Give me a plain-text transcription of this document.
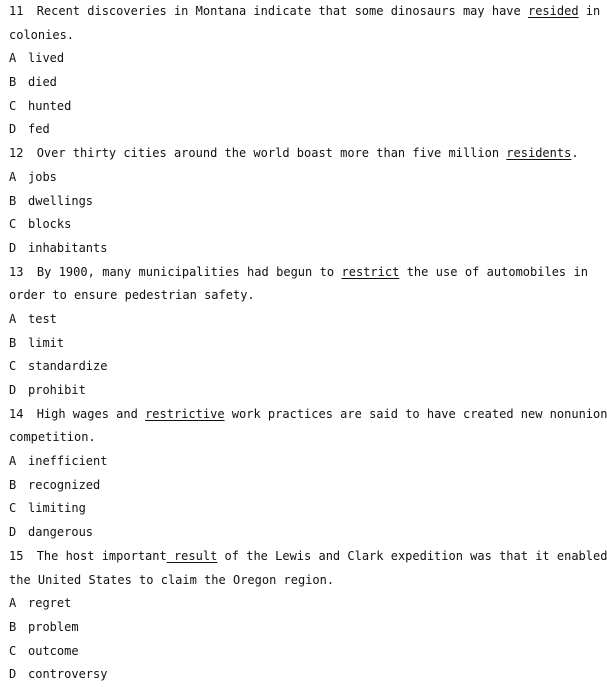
11 Recent discoveries in Montana indicate that some dinosaurs may have resided in
colonies.
A lived
B died
C hunted
D fed
12 Over thirty cities around the world boast more than five million residents.
A jobs
B dwellings
C blocks
D inhabitants
13 By 1900, many municipalities had begun to restrict the use of automobiles in
order to ensure pedestrian safety.
A test
B limit
C standardize
D prohibit
14 High wages and restrictive work practices are said to have created new nonunion
competition.
A inefficient
B recognized
C limiting
D dangerous
15 The host important result of the Lewis and Clark expedition was that it enabled
the United States to claim the Oregon region.
A regret
B problem
C outcome
D controversy
